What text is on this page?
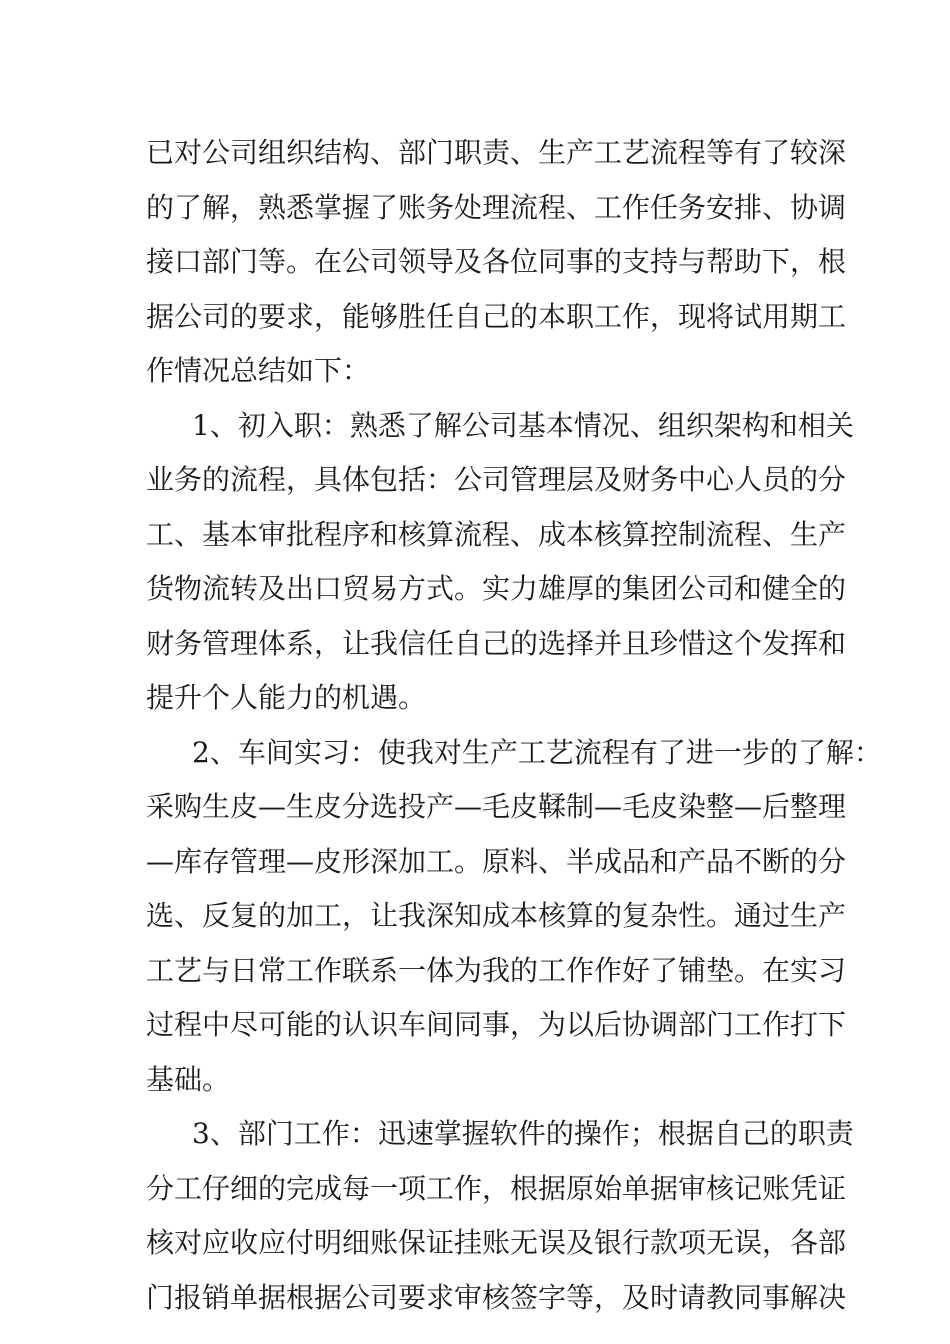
已对公司组织结构、部门职责、生产工艺流程等有了较深
的了解，熟悉掌握了账务处理流程、工作任务安排、协调
接口部门等。在公司领导及各位同事的支持与帮助下，根
据公司的要求，能够胜任自己的本职工作，现将试用期工
作情况总结如下：

1、初入职：熟悉了解公司基本情况、组织架构和相关
业务的流程，具体包括：公司管理层及财务中心人员的分
工、基本审批程序和核算流程、成本核算控制流程、生产
货物流转及出口贸易方式。实力雄厚的集团公司和健全的
财务管理体系，让我信任自己的选择并且珍惜这个发挥和
提升个人能力的机遇。

2、车间实习：使我对生产工艺流程有了进一步的了解：
采购生皮—生皮分选投产—毛皮鞣制—毛皮染整—后整理
—库存管理—皮形深加工。原料、半成品和产品不断的分
选、反复的加工，让我深知成本核算的复杂性。通过生产
工艺与日常工作联系一体为我的工作作好了铺垫。在实习
过程中尽可能的认识车间同事，为以后协调部门工作打下
基础。

3、部门工作：迅速掌握软件的操作；根据自己的职责
分工仔细的完成每一项工作，根据原始单据审核记账凭证
核对应收应付明细账保证挂账无误及银行款项无误，各部
门报销单据根据公司要求审核签字等，及时请教同事解决
